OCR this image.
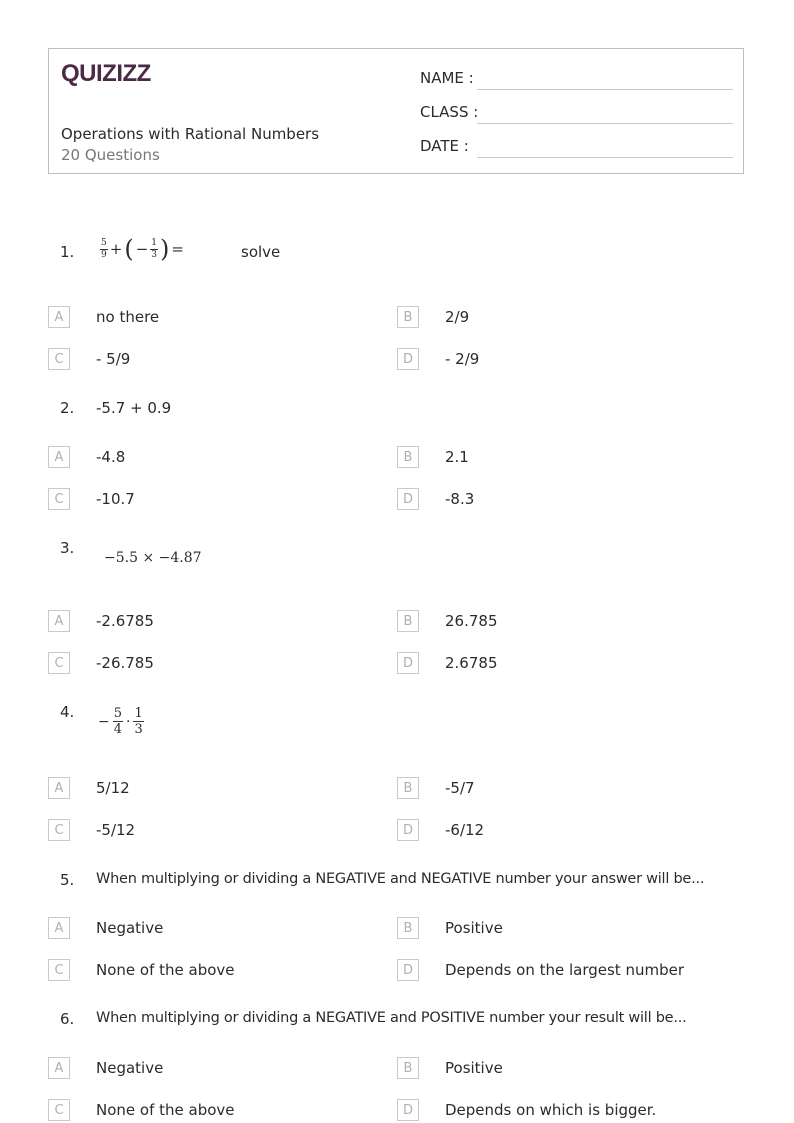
QUIZIZZ
Operations with Rational Numbers
20 Questions
NAME :
CLASS :
DATE :
1.	$\frac{5}{9}$ + ( − $\frac{1}{3}$ ) =	solve
A	no there	B	2/9
C	- 5/9	D	- 2/9
2. -5.7 + 0.9
A	-4.8	B	2.1
C	-10.7	D	-8.3
3.
−5.5 × −4.87
A	-2.6785	B	26.785
C	-26.785	D	2.6785
4.
− $\frac{5}{4} \cdot \frac{1}{3}$
A	5/12	B	-5/7
C	-5/12	D	-6/12
5. When multiplying or dividing a NEGATIVE and NEGATIVE number your answer will be...
A	Negative	B	Positive
C	None of the above	D	Depends on the largest number
6. When multiplying or dividing a NEGATIVE and POSITIVE number your result will be...
A	Negative	B	Positive
C	None of the above	D	Depends on which is bigger.
